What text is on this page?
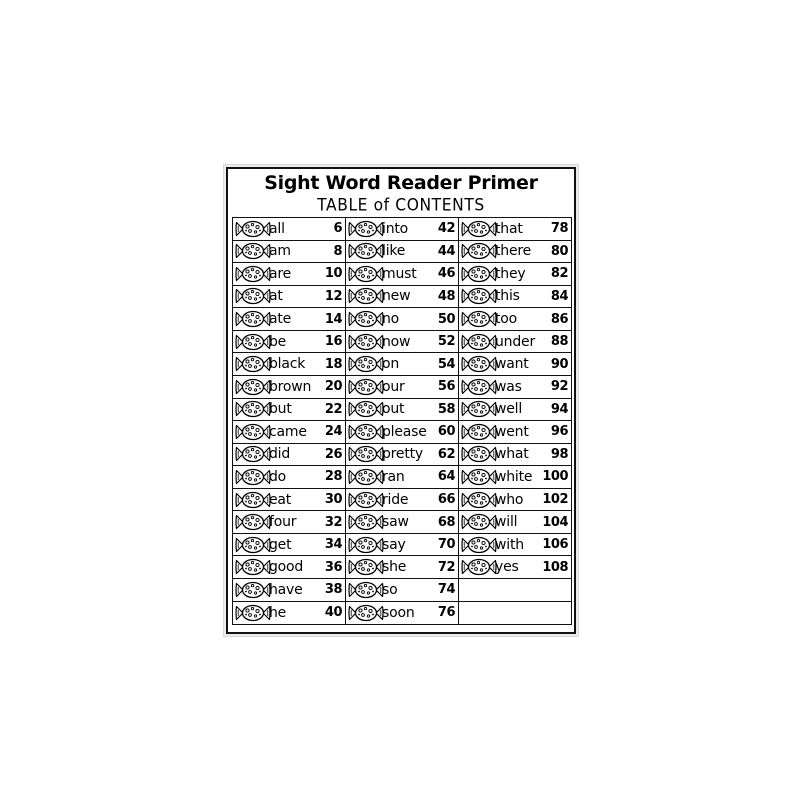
Sight Word Reader Primer
TABLE of CONTENTS
all	6
am	8
are	10
at	12
ate	14
be	16
black	18
brown	20
but	22
came	24
did	26
do	28
eat	30
four	32
get	34
good	36
have	38
he	40
into	42
like	44
must	46
new	48
no	50
now	52
on	54
our	56
out	58
please 60
pretty	62
ran	64
ride	66
saw	68
say	70
she	72
so	74
soon	76
that	78
there	80
they	82
this	84
too	86
under	88
want	90
was	92
well	94
went	96
what	98
white 100
who	102
will	104
with	106
yes	108
